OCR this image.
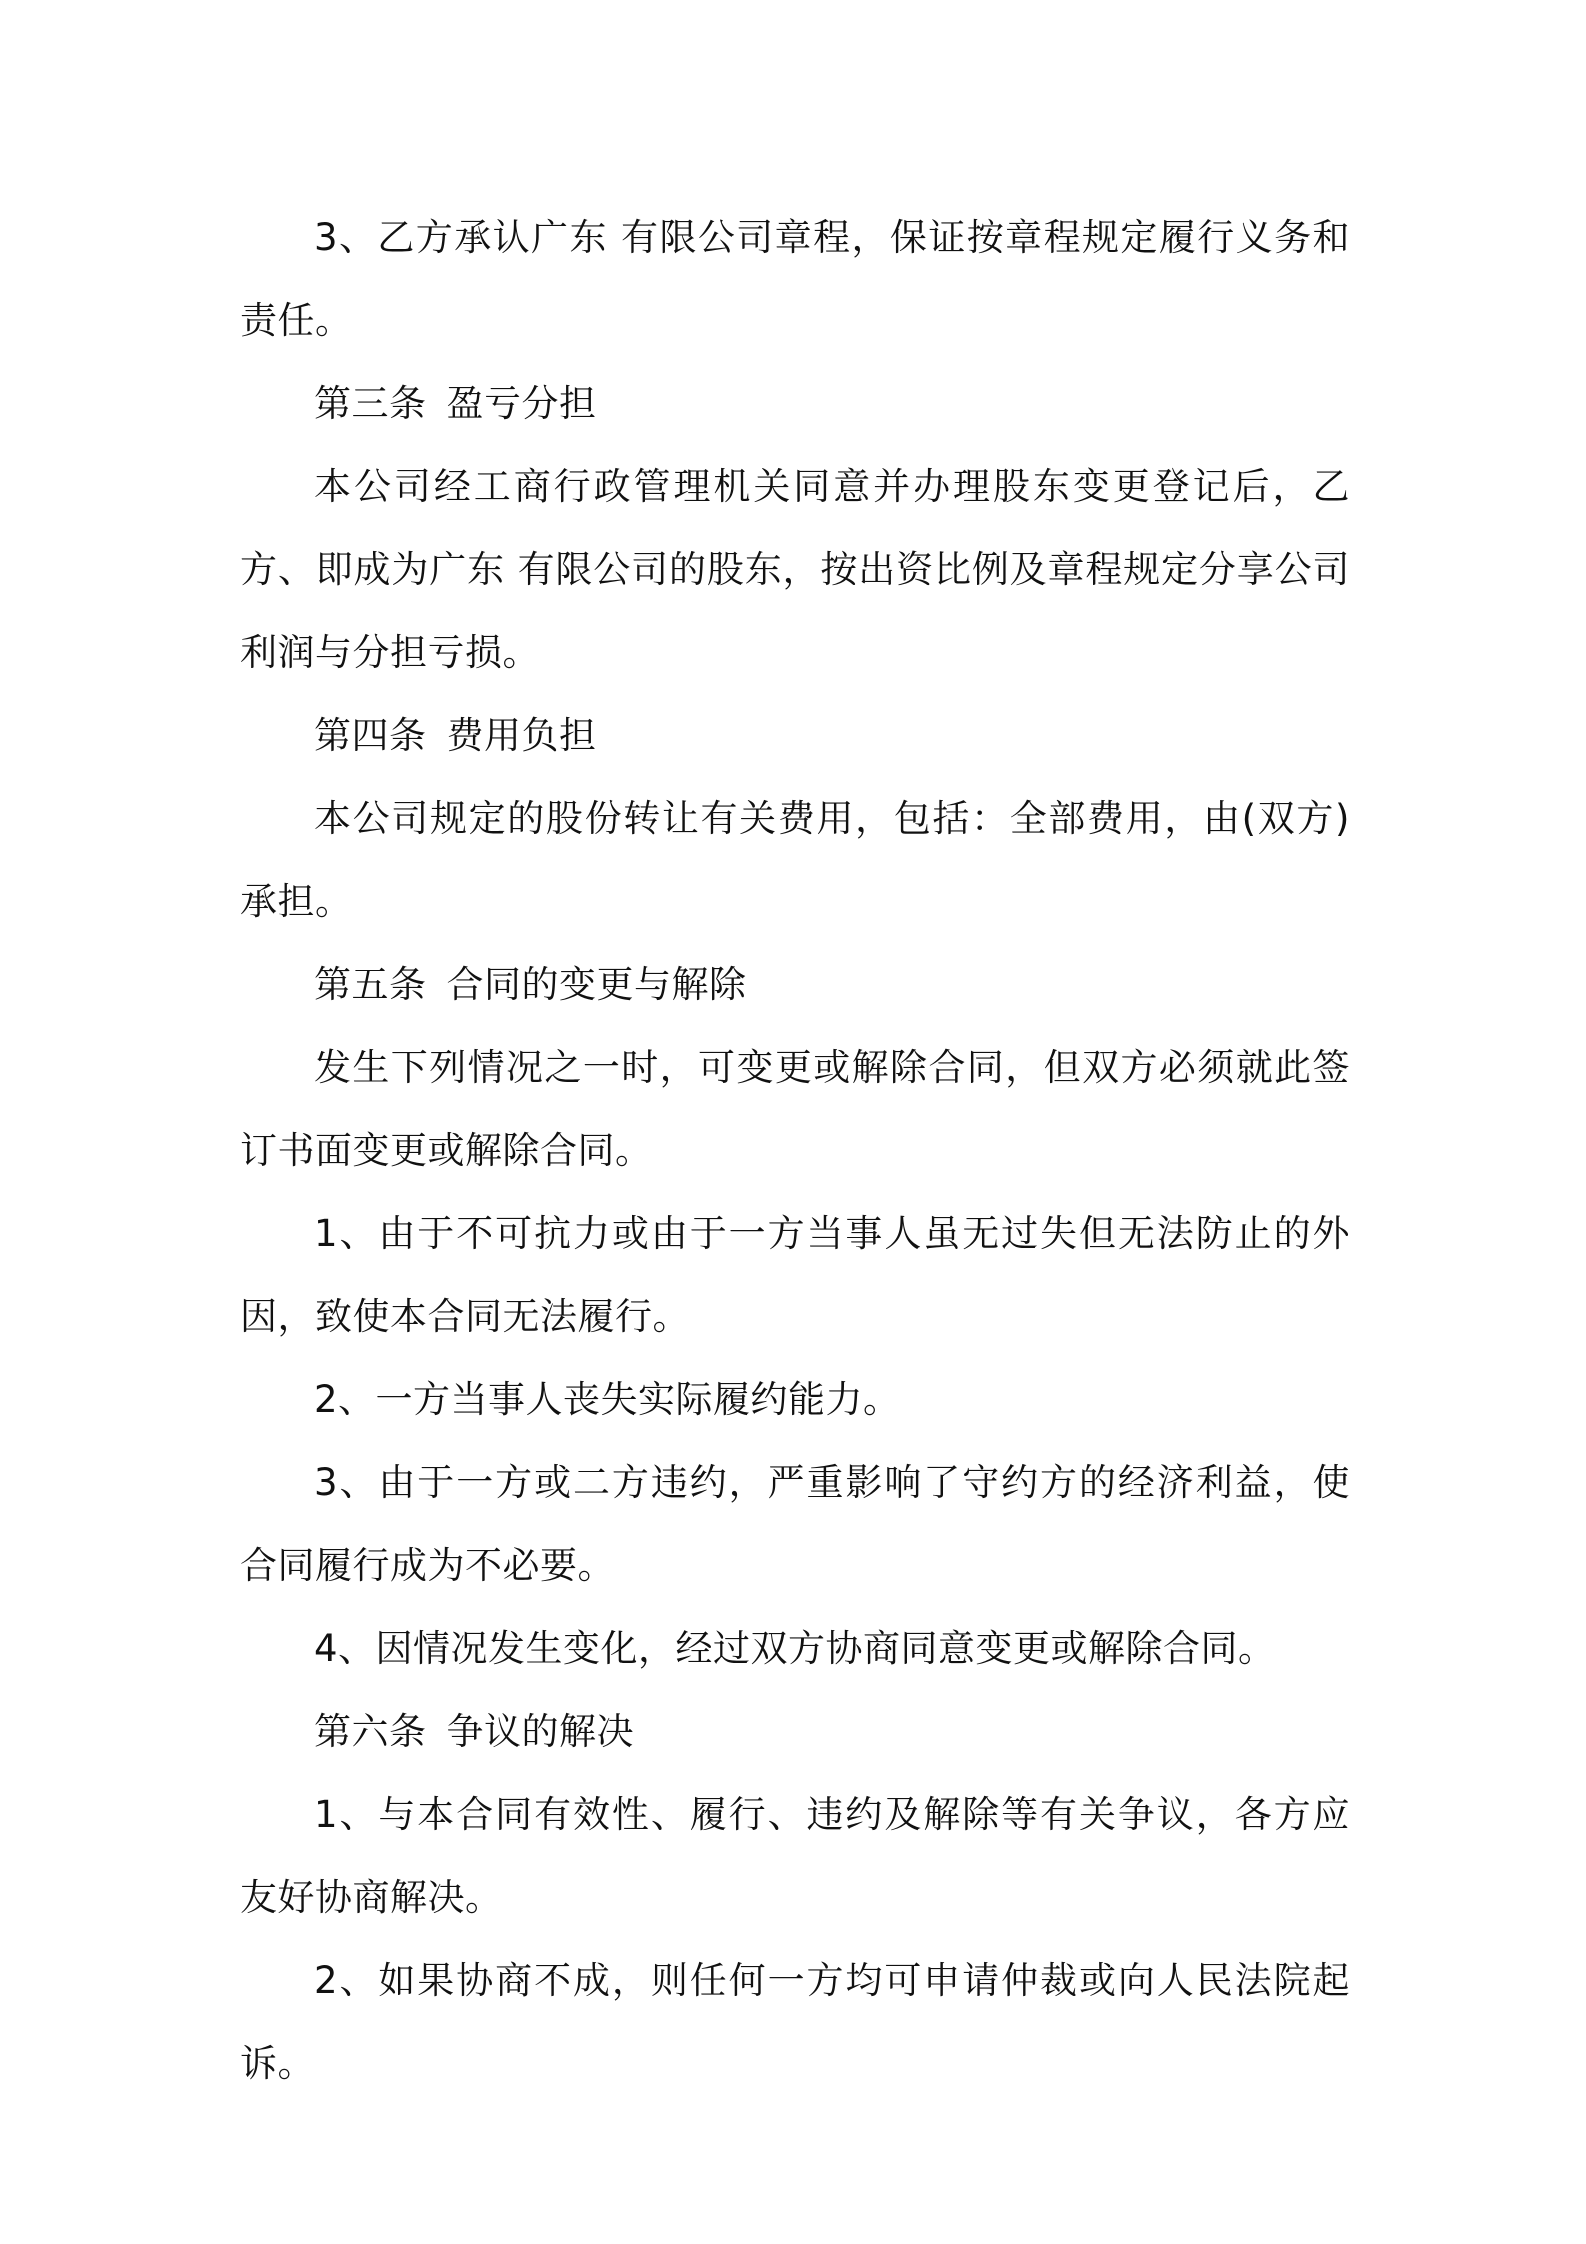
3、乙方承认广东 有限公司章程，保证按章程规定履行义务和责任。

第三条 盈亏分担

本公司经工商行政管理机关同意并办理股东变更登记后，乙方、即成为广东 有限公司的股东，按出资比例及章程规定分享公司利润与分担亏损。

第四条 费用负担

本公司规定的股份转让有关费用，包括：全部费用，由(双方)承担。

第五条 合同的变更与解除

发生下列情况之一时，可变更或解除合同，但双方必须就此签订书面变更或解除合同。

1、由于不可抗力或由于一方当事人虽无过失但无法防止的外因，致使本合同无法履行。

2、一方当事人丧失实际履约能力。

3、由于一方或二方违约，严重影响了守约方的经济利益，使合同履行成为不必要。

4、因情况发生变化，经过双方协商同意变更或解除合同。

第六条 争议的解决

1、与本合同有效性、履行、违约及解除等有关争议，各方应友好协商解决。

2、如果协商不成，则任何一方均可申请仲裁或向人民法院起诉。
